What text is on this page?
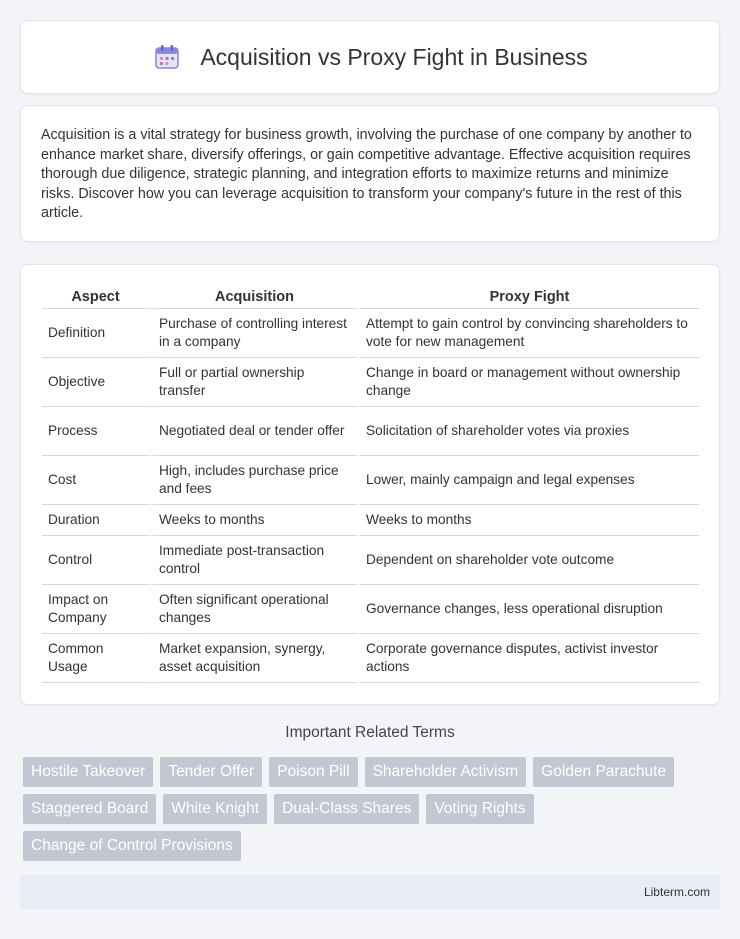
Acquisition vs Proxy Fight in Business

Acquisition is a vital strategy for business growth, involving the purchase of one company by another to enhance market share, diversify offerings, or gain competitive advantage. Effective acquisition requires thorough due diligence, strategic planning, and integration efforts to maximize returns and minimize risks. Discover how you can leverage acquisition to transform your company's future in the rest of this article.

Aspect	Acquisition	Proxy Fight
Definition	Purchase of controlling interest in a company	Attempt to gain control by convincing shareholders to vote for new management
Objective	Full or partial ownership transfer	Change in board or management without ownership change
Process	Negotiated deal or tender offer	Solicitation of shareholder votes via proxies
Cost	High, includes purchase price and fees	Lower, mainly campaign and legal expenses
Duration	Weeks to months	Weeks to months
Control	Immediate post-transaction control	Dependent on shareholder vote outcome
Impact on Company	Often significant operational changes	Governance changes, less operational disruption
Common Usage	Market expansion, synergy, asset acquisition	Corporate governance disputes, activist investor actions
Important Related Terms
Hostile Takeover	Tender Offer	Poison Pill	Shareholder Activism	Golden Parachute
Staggered Board	White Knight	Dual-Class Shares	Voting Rights
Change of Control Provisions
Libterm.com
